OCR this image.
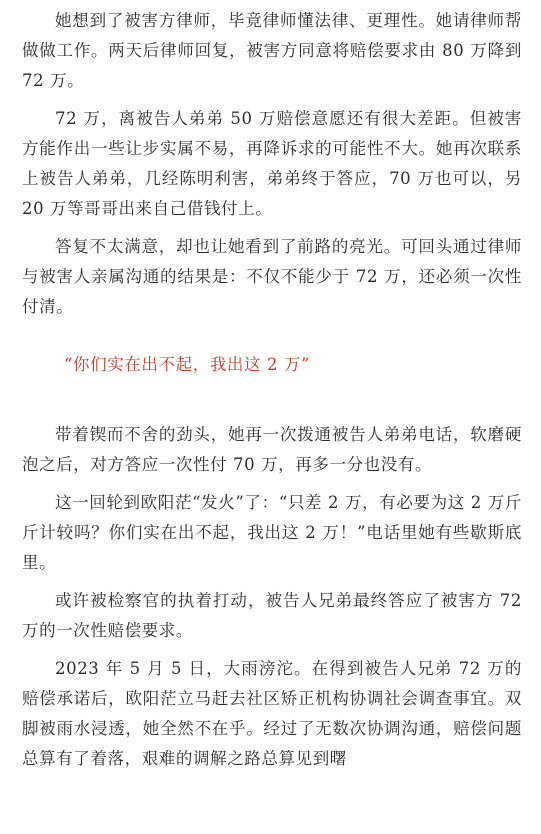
她想到了被害方律师，毕竟律师懂法律、更理性。她请律师帮做做工作。两天后律师回复，被害方同意将赔偿要求由 80 万降到 72 万。

72 万，离被告人弟弟 50 万赔偿意愿还有很大差距。但被害方能作出一些让步实属不易，再降诉求的可能性不大。她再次联系上被告人弟弟，几经陈明利害，弟弟终于答应，70 万也可以，另 20 万等哥哥出来自己借钱付上。

答复不太满意，却也让她看到了前路的亮光。可回头通过律师与被害人亲属沟通的结果是：不仅不能少于 72 万，还必须一次性付清。

“你们实在出不起，我出这 2 万”

带着锲而不舍的劲头，她再一次拨通被告人弟弟电话，软磨硬泡之后，对方答应一次性付 70 万，再多一分也没有。

这一回轮到欧阳茫“发火”了：“只差 2 万，有必要为这 2 万斤斤计较吗？你们实在出不起，我出这 2 万！”电话里她有些歇斯底里。

或许被检察官的执着打动，被告人兄弟最终答应了被害方 72 万的一次性赔偿要求。

2023 年 5 月 5 日，大雨滂沱。在得到被告人兄弟 72 万的赔偿承诺后，欧阳茫立马赶去社区矫正机构协调社会调查事宜。双脚被雨水浸透，她全然不在乎。经过了无数次协调沟通，赔偿问题总算有了着落，艰难的调解之路总算见到曙
